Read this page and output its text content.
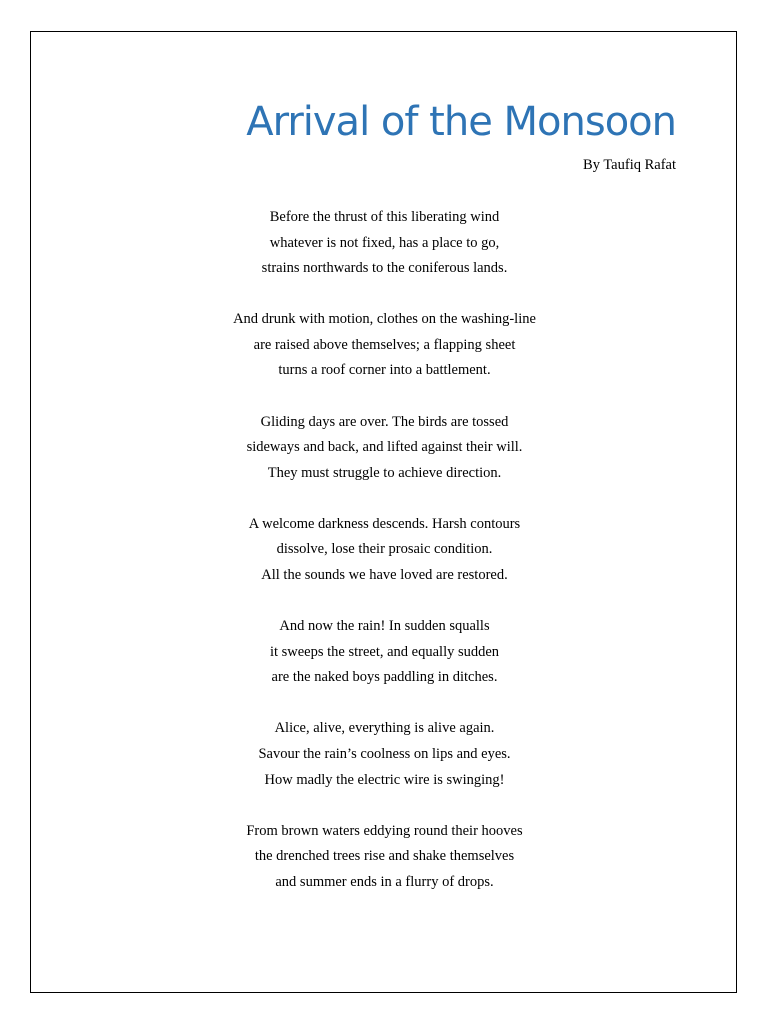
Arrival of the Monsoon
By Taufiq Rafat
Before the thrust of this liberating wind
whatever is not fixed, has a place to go,
strains northwards to the coniferous lands.
And drunk with motion, clothes on the washing-line
are raised above themselves; a flapping sheet
turns a roof corner into a battlement.
Gliding days are over. The birds are tossed
sideways and back, and lifted against their will.
They must struggle to achieve direction.
A welcome darkness descends. Harsh contours
dissolve, lose their prosaic condition.
All the sounds we have loved are restored.
And now the rain! In sudden squalls
it sweeps the street, and equally sudden
are the naked boys paddling in ditches.
Alice, alive, everything is alive again.
Savour the rain’s coolness on lips and eyes.
How madly the electric wire is swinging!
From brown waters eddying round their hooves
the drenched trees rise and shake themselves
and summer ends in a flurry of drops.
